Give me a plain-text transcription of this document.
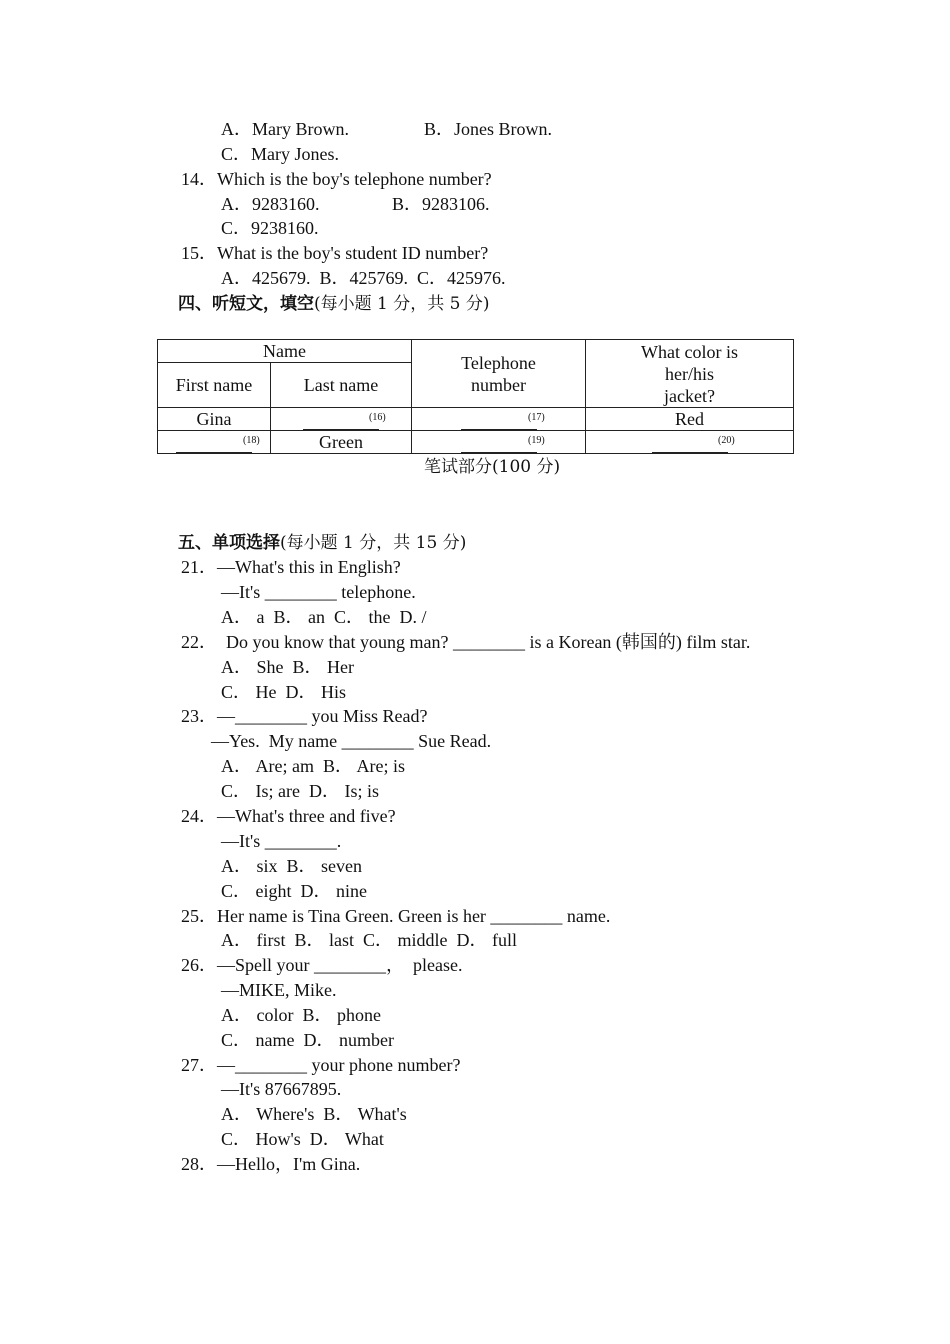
A．Mary Brown.	B．Jones Brown.
C．Mary Jones.
14．Which is the boy's telephone number?
A．9283160.	B．9283106.
C．9238160.
15．What is the boy's student ID number?
A．425679.  B．425769.  C．425976.
四、听短文，填空(每小题 1 分，共 5 分)
Name		Telephone number	What color is her/his jacket?

First name	Last name		
Gina	(16)	(17)	Red

(18)	Green	(19)	(20)
笔试部分(100 分)
五、单项选择(每小题 1 分，共 15 分)
21．—What's this in English?
—It's ________ telephone.
A． a  B． an  C． the  D. /
22．  Do you know that young man? ________ is a Korean (韩国的) film star.
A． She  B． Her
C． He  D． His
23．—________ you Miss Read?
—Yes.  My name ________ Sue Read.
A． Are; am  B． Are; is
C． Is; are  D． Is; is
24．—What's three and five?
—It's ________.
A． six  B． seven
C． eight  D． nine
25．Her name is Tina Green. Green is her ________ name.
A． first  B． last  C． middle  D． full
26．—Spell your ________，  please.
—MIKE, Mike.
A． color  B． phone
C． name  D． number
27．—________ your phone number?
—It's 87667895.
A． Where's  B． What's
C． How's  D． What
28．—Hello，I'm Gina.
